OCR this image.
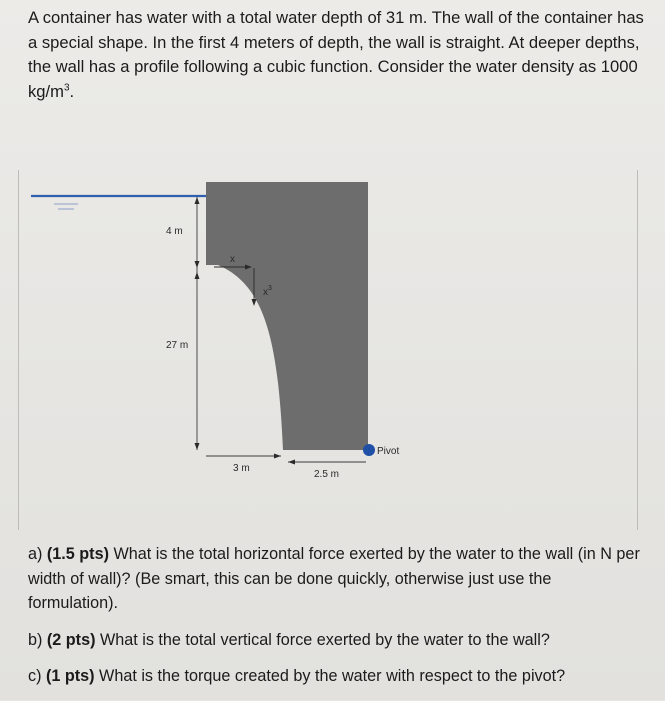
A container has water with a total water depth of 31 m. The wall of the container has a special shape. In the first 4 meters of depth, the wall is straight. At deeper depths, the wall has a profile following a cubic function. Consider the water density as 1000 $kg/m^3$.
4 m
27 m
x
$x^3$
3 m
2.5 m
Pivot

a) (1.5 pts) What is the total horizontal force exerted by the water to the wall (in N per width of wall)? (Be smart, this can be done quickly, otherwise just use the formulation).

b) (2 pts) What is the total vertical force exerted by the water to the wall?

c) (1 pts) What is the torque created by the water with respect to the pivot?
